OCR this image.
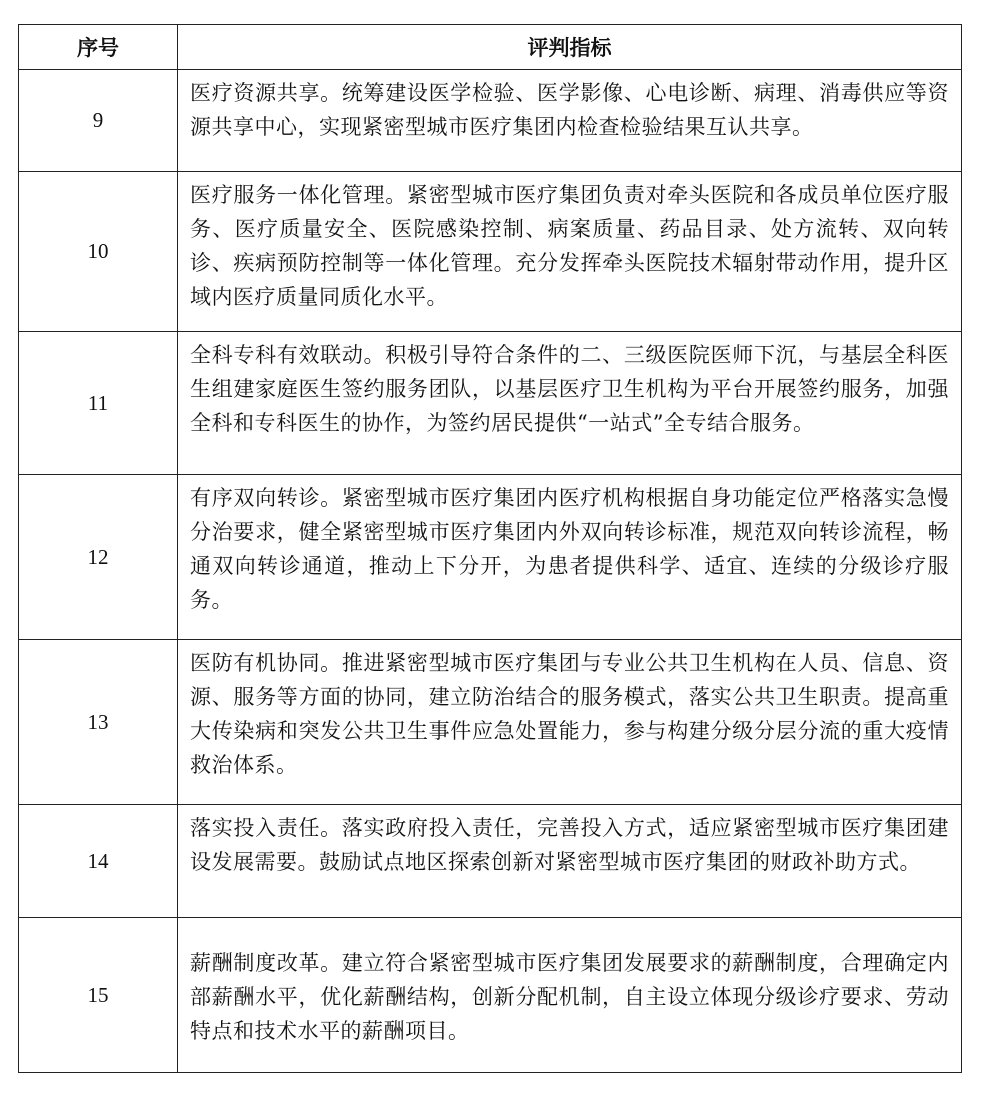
序号	评判指标
9	医疗资源共享。统筹建设医学检验、医学影像、心电诊断、病理、消毒供应等资源共享中心，实现紧密型城市医疗集团内检查检验结果互认共享。
10	医疗服务一体化管理。紧密型城市医疗集团负责对牵头医院和各成员单位医疗服务、医疗质量安全、医院感染控制、病案质量、药品目录、处方流转、双向转诊、疾病预防控制等一体化管理。充分发挥牵头医院技术辐射带动作用，提升区域内医疗质量同质化水平。
11	全科专科有效联动。积极引导符合条件的二、三级医院医师下沉，与基层全科医生组建家庭医生签约服务团队，以基层医疗卫生机构为平台开展签约服务，加强全科和专科医生的协作，为签约居民提供“一站式”全专结合服务。
12	有序双向转诊。紧密型城市医疗集团内医疗机构根据自身功能定位严格落实急慢分治要求，健全紧密型城市医疗集团内外双向转诊标准，规范双向转诊流程，畅通双向转诊通道，推动上下分开，为患者提供科学、适宜、连续的分级诊疗服务。
13	医防有机协同。推进紧密型城市医疗集团与专业公共卫生机构在人员、信息、资源、服务等方面的协同，建立防治结合的服务模式，落实公共卫生职责。提高重大传染病和突发公共卫生事件应急处置能力，参与构建分级分层分流的重大疫情救治体系。
14	落实投入责任。落实政府投入责任，完善投入方式，适应紧密型城市医疗集团建设发展需要。鼓励试点地区探索创新对紧密型城市医疗集团的财政补助方式。
15	薪酬制度改革。建立符合紧密型城市医疗集团发展要求的薪酬制度，合理确定内部薪酬水平，优化薪酬结构，创新分配机制，自主设立体现分级诊疗要求、劳动特点和技术水平的薪酬项目。
